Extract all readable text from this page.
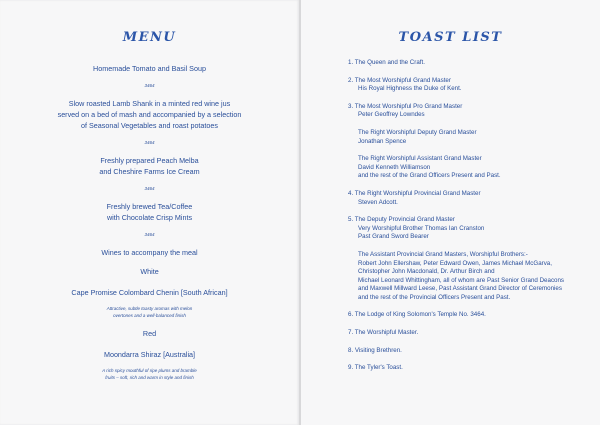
MENU
Homemade Tomato and Basil Soup
3464
Slow roasted Lamb Shank in a minted red wine jus
served on a bed of mash and accompanied by a selection
of Seasonal Vegetables and roast potatoes
3464
Freshly prepared Peach Melba
and Cheshire Farms Ice Cream
3464
Freshly brewed Tea/Coffee
with Chocolate Crisp Mints
3464
Wines to accompany the meal
White
Cape Promise Colombard Chenin [South African]
Attractive, subtle toasty aromas with melon
overtones and a well-balanced finish
Red
Moondarra Shiraz [Australia]
A rich spicy mouthful of ripe plums and bramble
fruits – soft, rich and warm in style and finish
TOAST LIST
1. The Queen and the Craft.
2. The Most Worshipful Grand Master
His Royal Highness the Duke of Kent.
3. The Most Worshipful Pro Grand Master
Peter Geoffrey Lowndes
The Right Worshipful Deputy Grand Master
Jonathan Spence
The Right Worshipful Assistant Grand Master
David Kenneth Williamson
and the rest of the Grand Officers Present and Past.
4. The Right Worshipful Provincial Grand Master
Steven Adcott.
5. The Deputy Provincial Grand Master
Very Worshipful Brother Thomas Ian Cranston
Past Grand Sword Bearer
The Assistant Provincial Grand Masters, Worshipful Brothers:-
Robert John Ellershaw, Peter Edward Owen, James Michael McGarva,
Christopher John Macdonald, Dr. Arthur Birch and
Michael Leonard Whittingham, all of whom are Past Senior Grand Deacons
and Maxwell Millward Leese, Past Assistant Grand Director of Ceremonies
and the rest of the Provincial Officers Present and Past.
6. The Lodge of King Solomon's Temple No. 3464.
7. The Worshipful Master.
8. Visiting Brethren.
9. The Tyler's Toast.
